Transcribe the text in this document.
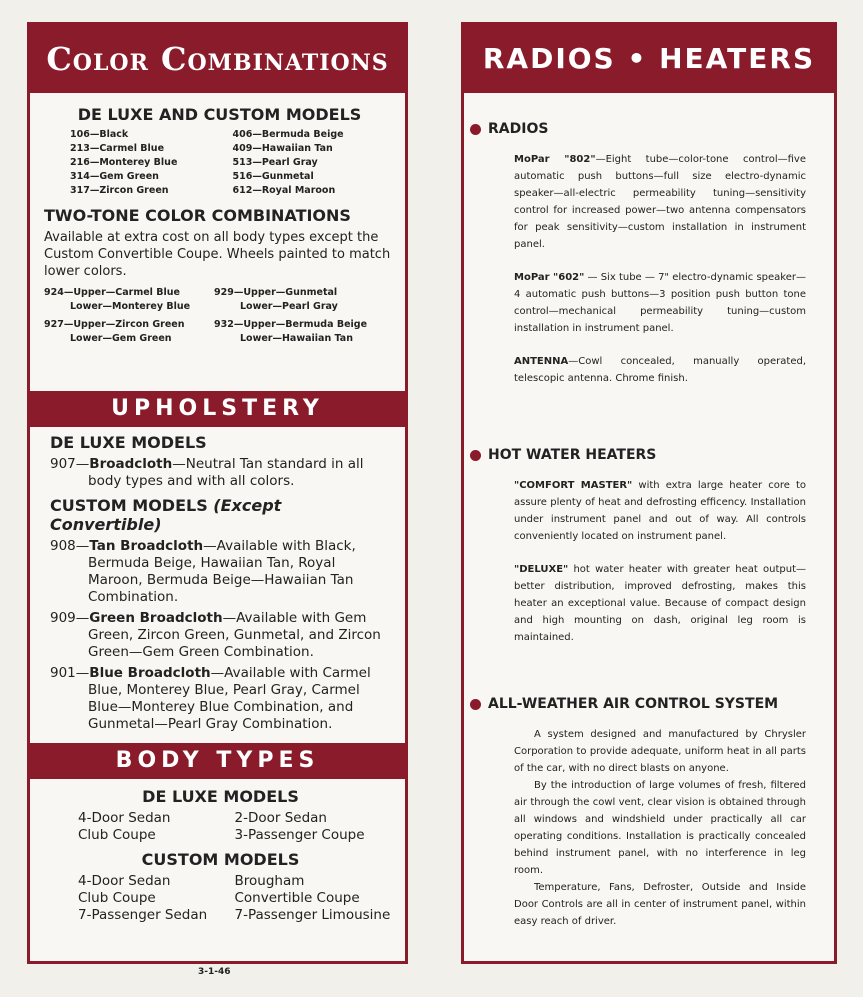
Color Combinations
DE LUXE AND CUSTOM MODELS
106—Black	406—Bermuda Beige
213—Carmel Blue	409—Hawaiian Tan
216—Monterey Blue	513—Pearl Gray
314—Gem Green	516—Gunmetal
317—Zircon Green	612—Royal Maroon
TWO-TONE COLOR COMBINATIONS

Available at extra cost on all body types except the Custom Convertible Coupe. Wheels painted to match lower colors.

924—Upper—Carmel Blue	929—Upper—Gunmetal
Lower—Monterey Blue	Lower—Pearl Gray
927—Upper—Zircon Green	932—Upper—Bermuda Beige
Lower—Gem Green	Lower—Hawaiian Tan
UPHOLSTERY
DE LUXE MODELS

907—Broadcloth—Neutral Tan standard in all body types and with all colors.

CUSTOM MODELS (Except Convertible)

908—Tan Broadcloth—Available with Black, Bermuda Beige, Hawaiian Tan, Royal Maroon, Bermuda Beige—Hawaiian Tan Combination.

909—Green Broadcloth—Available with Gem Green, Zircon Green, Gunmetal, and Zircon Green—Gem Green Combination.

901—Blue Broadcloth—Available with Carmel Blue, Monterey Blue, Pearl Gray, Carmel Blue—Monterey Blue Combination, and Gunmetal—Pearl Gray Combination.

BODY TYPES
DE LUXE MODELS
4-Door Sedan	2-Door Sedan
Club Coupe	3-Passenger Coupe
CUSTOM MODELS
4-Door Sedan	Brougham
Club Coupe	Convertible Coupe
7-Passenger Sedan	7-Passenger Limousine
RADIOS • HEATERS
RADIOS

MoPar "802"—Eight tube—color-tone control—five automatic push buttons—full size electro-dynamic speaker—all-electric permeability tuning—sensitivity control for increased power—two antenna compensators for peak sensitivity—custom installation in instrument panel.

MoPar "602" — Six tube — 7" electro-dynamic speaker—4 automatic push buttons—3 position push button tone control—mechanical permeability tuning—custom installation in instrument panel.

ANTENNA—Cowl concealed, manually operated, telescopic antenna. Chrome finish.

HOT WATER HEATERS

"COMFORT MASTER" with extra large heater core to assure plenty of heat and defrosting efficency. Installation under instrument panel and out of way. All controls conveniently located on instrument panel.

"DELUXE" hot water heater with greater heat output—better distribution, improved defrosting, makes this heater an exceptional value. Because of compact design and high mounting on dash, original leg room is maintained.

ALL-WEATHER AIR CONTROL SYSTEM

A system designed and manufactured by Chrysler Corporation to provide adequate, uniform heat in all parts of the car, with no direct blasts on anyone.

By the introduction of large volumes of fresh, filtered air through the cowl vent, clear vision is obtained through all windows and windshield under practically all car operating conditions. Installation is practically concealed behind instrument panel, with no interference in leg room.

Temperature, Fans, Defroster, Outside and Inside Door Controls are all in center of instrument panel, within easy reach of driver.

3-1-46
